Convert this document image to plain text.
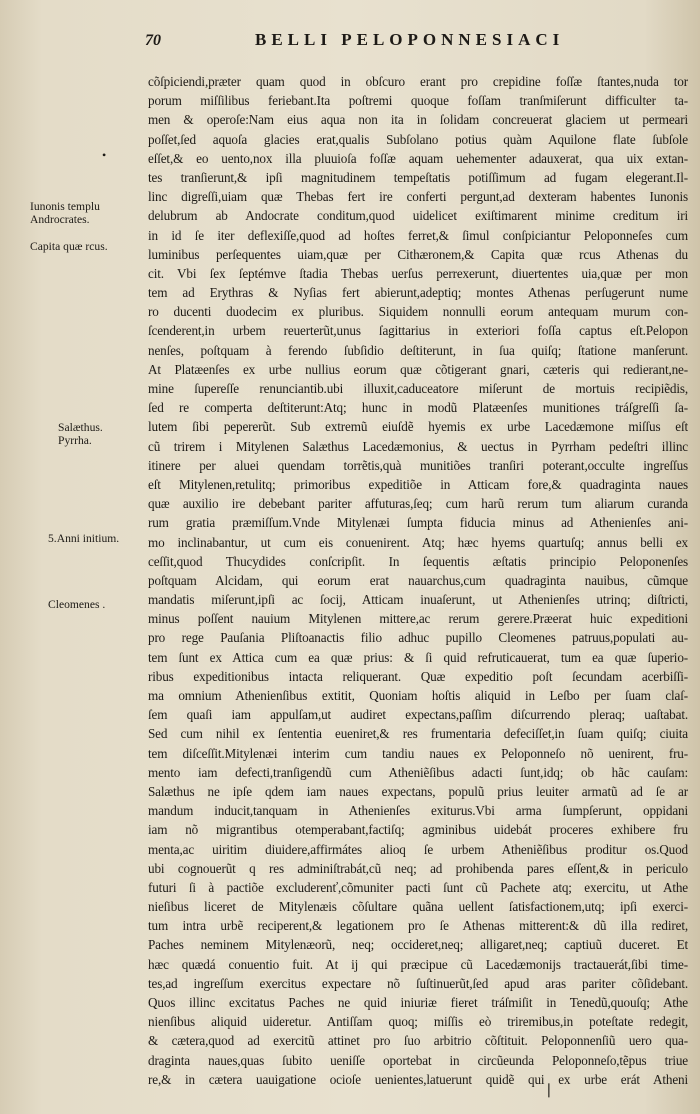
70	BELLI PELOPONNESIACI
cõſpiciendi,præter quam quod in obſcuro erant pro crepidine foſſæ ſtantes,nuda tor
porum miſſilibus feriebant.Ita poſtremi quoque foſſam tranſmiſerunt difficulter ta-
men & operoſe:Nam eius aqua non ita in ſolidam concreuerat glaciem ut permeari
poſſet,ſed aquoſa glacies erat,qualis Subſolano potius quàm Aquilone flate ſubſole
eſſet,& eo uento,nox illa pluuioſa foſſæ aquam uehementer adauxerat, qua uix extan-
tes tranſierunt,& ipſi magnitudinem tempeſtatis potiſſimum ad fugam elegerant.Il-
linc digreſſi,uiam quæ Thebas fert ire conferti pergunt,ad dexteram habentes Iunonis
delubrum ab Andocrate conditum,quod uidelicet exiſtimarent minime creditum iri
in id ſe iter deflexiſſe,quod ad hoſtes ferret,& ſimul conſpiciantur Peloponneſes cum
luminibus perſequentes uiam,quæ per Cithæronem,& Capita quæ rcus Athenas du
cit. Vbi ſex ſeptémve ſtadia Thebas uerſus perrexerunt, diuertentes uia,quæ per mon
tem ad Erythras & Nyſias fert abierunt,adeptiq; montes Athenas perſugerunt nume
ro ducenti duodecim ex pluribus. Siquidem nonnulli eorum antequam murum con-
ſcenderent,in urbem reuerterũt,unus ſagittarius in exteriori foſſa captus eſt.Pelopon
nenſes, poſtquam à ferendo ſubſidio deſtiterunt, in ſua quiſq; ſtatione manſerunt.
At Platæenſes ex urbe nullius eorum quæ cõtigerant gnari, cæteris qui redierant,ne-
mine ſupereſſe renunciantib.ubi illuxit,caduceatore miſerunt de mortuis recipiẽdis,
ſed re comperta deſtiterunt:Atq; hunc in modũ Platæenſes munitiones tráſgreſſi ſa-
lutem ſibi pepererũt. Sub extremũ eiuſdẽ hyemis ex urbe Lacedæmone miſſus eſt
cũ trirem i Mitylenen Salæthus Lacedæmonius, & uectus in Pyrrham pedeſtri illinc
itinere per aluei quendam torrẽtis,quà munitiões tranſiri poterant,occulte ingreſſus
eſt Mitylenen,retulitq; primoribus expeditiõe in Atticam fore,& quadraginta naues
quæ auxilio ire debebant pariter affuturas,ſeq; cum harũ rerum tum aliarum curanda
rum gratia præmiſſum.Vnde Mitylenæi ſumpta fiducia minus ad Athenienſes ani-
mo inclinabantur, ut cum eis conuenirent. Atq; hæc hyems quartuſq; annus belli ex
ceſſit,quod Thucydides conſcripſit. In ſequentis æſtatis principio Peloponenſes
poſtquam Alcidam, qui eorum erat nauarchus,cum quadraginta nauibus, cũmque
mandatis miſerunt,ipſi ac ſocij, Atticam inuaſerunt, ut Athenienſes utrinq; diſtricti,
minus poſſent nauium Mitylenen mittere,ac rerum gerere.Præerat huic expeditioni
pro rege Pauſania Pliſtoanactis filio adhuc pupillo Cleomenes patruus,populati au-
tem ſunt ex Attica cum ea quæ prius: & ſi quid refruticauerat, tum ea quæ ſuperio-
ribus expeditionibus intacta reliquerant. Quæ expeditio poſt ſecundam acerbiſſi-
ma omnium Athenienſibus extitit, Quoniam hoſtis aliquid in Leſbo per ſuam claſ-
ſem quaſi iam appulſam,ut audiret expectans,paſſim diſcurrendo pleraq; uaſtabat.
Sed cum nihil ex ſententia eueniret,& res frumentaria defeciſſet,in ſuam quiſq; ciuita
tem diſceſſit.Mitylenæi interim cum tandiu naues ex Peloponneſo nõ uenirent, fru-
mento iam defecti,tranſigendũ cum Atheniẽſibus adacti ſunt,idq; ob hãc cauſam:
Salæthus ne ipſe qdem iam naues expectans, populũ prius leuiter armatũ ad ſe ar
mandum inducit,tanquam in Athenienſes exiturus.Vbi arma ſumpſerunt, oppidani
iam nõ migrantibus otemperabant,factiſq; agminibus uidebát proceres exhibere fru
menta,ac uiritim diuidere,affirmátes alioq ſe urbem Atheniẽſibus proditur os.Quod
ubi cognouerũt q res adminiſtrabát,cũ neq; ad prohibenda pares eſſent,& in periculo
futuri ſi à pactiõe excluderenť,cõmuniter pacti ſunt cũ Pachete atq; exercitu, ut Athe
nieſibus liceret de Mitylenæis cõſultare quãna uellent ſatisfactionem,utq; ipſi exerci-
tum intra urbẽ reciperent,& legationem pro ſe Athenas mitterent:& dũ illa rediret,
Paches neminem Mitylenæorũ, neq; occideret,neq; alligaret,neq; captiuũ duceret. Et
hæc quædá conuentio fuit. At ij qui præcipue cũ Lacedæmonijs tractauerát,ſibi time-
tes,ad ingreſſum exercitus expectare nõ ſuſtinuerũt,ſed apud aras pariter cõſidebant.
Quos illinc excitatus Paches ne quid iniuriæ fieret tráſmiſit in Tenedũ,quouſq; Athe
nienſibus aliquid uideretur. Antiſſam quoq; miſſis eò triremibus,in poteſtate redegit,
& cætera,quod ad exercitũ attinet pro ſuo arbitrio cõſtituit. Peloponnenſiũ uero qua-
draginta naues,quas ſubito ueniſſe oportebat in circũeunda Peloponneſo,tẽpus triue
re,& in cætera uauigatione ocioſe uenientes,latuerunt quidẽ qui ex urbe erát Atheni
Iunonis templu
Androcrates.
Capita quæ rcus.
Salæthus.
Pyrrha.
5.Anni initium.
Cleomenes .
•
❘
